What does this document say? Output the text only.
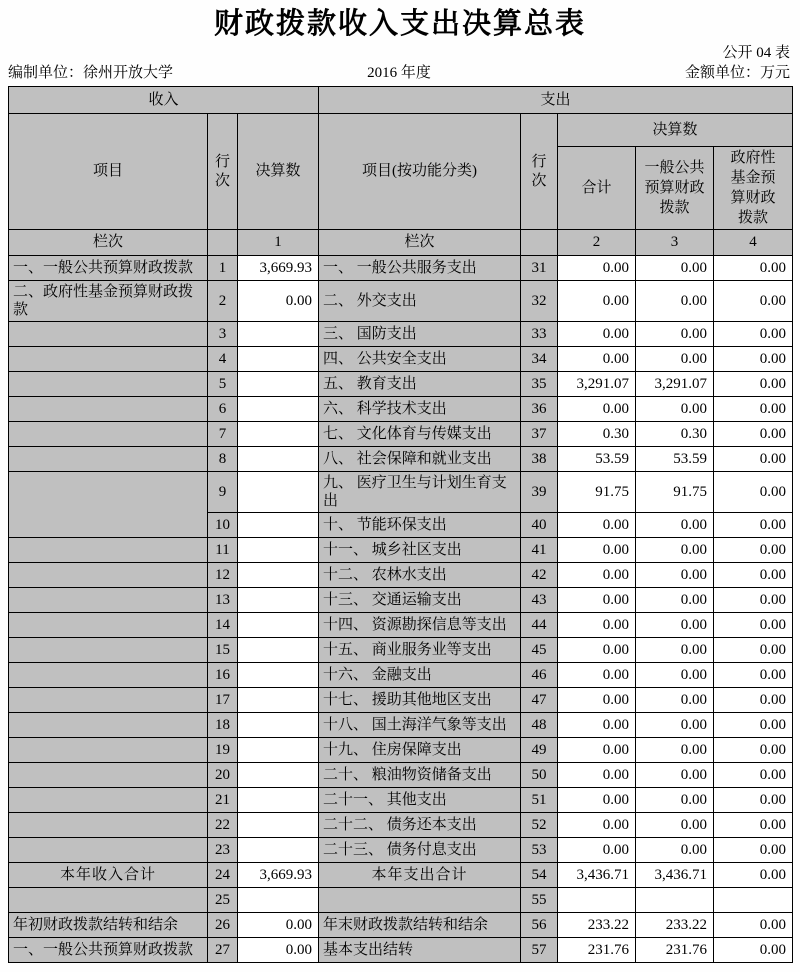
财政拨款收入支出决算总表
公开 04 表
编制单位：徐州开放大学	2016 年度	金额单位：万元
收入			支出				
项目	行次	决算数	项目(按功能分类)	行次	决算数		
					合计	一般公共预算财政拨款	政府性基金预算财政拨款

栏次		1	栏次		2	3	4
一、一般公共预算财政拨款	1	3,669.93	一、 一般公共服务支出	31	0.00	0.00	0.00
二、政府性基金预算财政拨款	2	0.00	二、 外交支出	32	0.00	0.00	0.00
	3		三、 国防支出	33	0.00	0.00	0.00
	4		四、 公共安全支出	34	0.00	0.00	0.00
	5		五、 教育支出	35	3,291.07	3,291.07	0.00
	6		六、 科学技术支出	36	0.00	0.00	0.00
	7		七、 文化体育与传媒支出	37	0.30	0.30	0.00
	8		八、 社会保障和就业支出	38	53.59	53.59	0.00
	9		九、 医疗卫生与计划生育支出	39	91.75	91.75	0.00
	10		十、 节能环保支出	40	0.00	0.00	0.00
	11		十一、 城乡社区支出	41	0.00	0.00	0.00
	12		十二、 农林水支出	42	0.00	0.00	0.00
	13		十三、 交通运输支出	43	0.00	0.00	0.00
	14		十四、 资源勘探信息等支出	44	0.00	0.00	0.00
	15		十五、 商业服务业等支出	45	0.00	0.00	0.00
	16		十六、 金融支出	46	0.00	0.00	0.00
	17		十七、 援助其他地区支出	47	0.00	0.00	0.00
	18		十八、 国土海洋气象等支出	48	0.00	0.00	0.00
	19		十九、 住房保障支出	49	0.00	0.00	0.00
	20		二十、 粮油物资储备支出	50	0.00	0.00	0.00
	21		二十一、 其他支出	51	0.00	0.00	0.00
	22		二十二、 债务还本支出	52	0.00	0.00	0.00
	23		二十三、 债务付息支出	53	0.00	0.00	0.00
本年收入合计	24	3,669.93	本年支出合计	54	3,436.71	3,436.71	0.00
	25			55			
年初财政拨款结转和结余	26	0.00	年末财政拨款结转和结余	56	233.22	233.22	0.00
一、一般公共预算财政拨款	27	0.00	基本支出结转	57	231.76	231.76	0.00
